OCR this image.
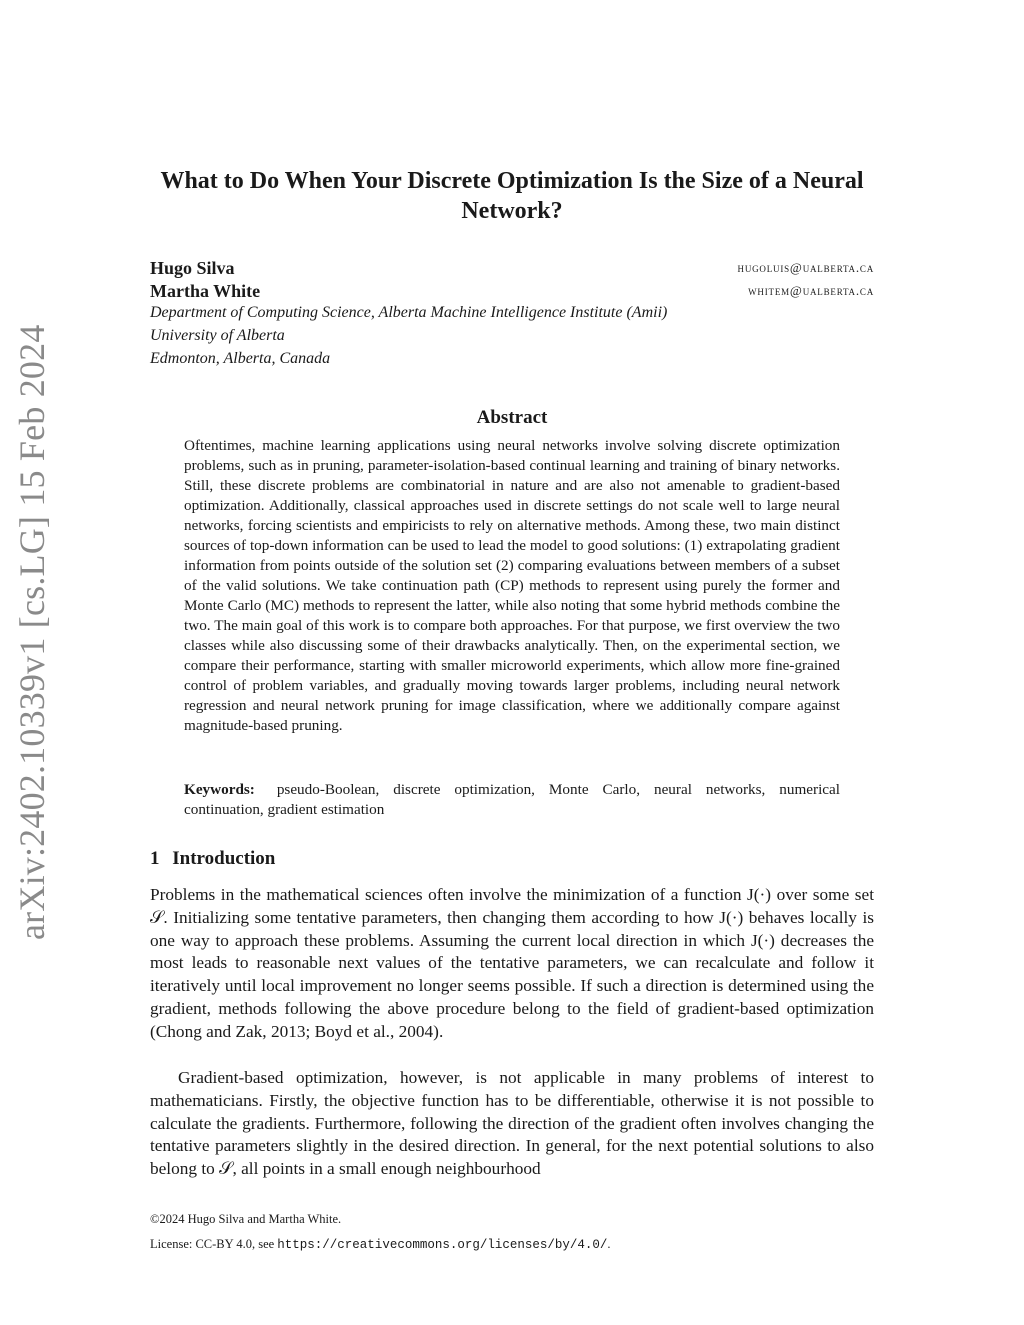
arXiv:2402.10339v1 [cs.LG] 15 Feb 2024
What to Do When Your Discrete Optimization Is the Size of a Neural Network?
Hugo Silva	hugoluis@ualberta.ca
Martha White	whitem@ualberta.ca
Department of Computing Science, Alberta Machine Intelligence Institute (Amii)
University of Alberta
Edmonton, Alberta, Canada
Abstract

Oftentimes, machine learning applications using neural networks involve solving discrete optimization problems, such as in pruning, parameter-isolation-based continual learning and training of binary networks. Still, these discrete problems are combinatorial in nature and are also not amenable to gradient-based optimization. Additionally, classical approaches used in discrete settings do not scale well to large neural networks, forcing scientists and empiricists to rely on alternative methods. Among these, two main distinct sources of top-down information can be used to lead the model to good solutions: (1) extrapolating gradient information from points outside of the solution set (2) comparing evaluations between members of a subset of the valid solutions. We take continuation path (CP) methods to represent using purely the former and Monte Carlo (MC) methods to represent the latter, while also noting that some hybrid methods combine the two. The main goal of this work is to compare both approaches. For that purpose, we first overview the two classes while also discussing some of their drawbacks analytically. Then, on the experimental section, we compare their performance, starting with smaller microworld experiments, which allow more fine-grained control of problem variables, and gradually moving towards larger problems, including neural network regression and neural network pruning for image classification, where we additionally compare against magnitude-based pruning.

Keywords: pseudo-Boolean, discrete optimization, Monte Carlo, neural networks, numerical continuation, gradient estimation

1 Introduction

Problems in the mathematical sciences often involve the minimization of a function J(·) over some set 𝒮. Initializing some tentative parameters, then changing them according to how J(·) behaves locally is one way to approach these problems. Assuming the current local direction in which J(·) decreases the most leads to reasonable next values of the tentative parameters, we can recalculate and follow it iteratively until local improvement no longer seems possible. If such a direction is determined using the gradient, methods following the above procedure belong to the field of gradient-based optimization (Chong and Zak, 2013; Boyd et al., 2004).

Gradient-based optimization, however, is not applicable in many problems of interest to mathematicians. Firstly, the objective function has to be differentiable, otherwise it is not possible to calculate the gradients. Furthermore, following the direction of the gradient often involves changing the tentative parameters slightly in the desired direction. In general, for the next potential solutions to also belong to 𝒮, all points in a small enough neighbourhood

©2024 Hugo Silva and Martha White.
License: CC-BY 4.0, see https://creativecommons.org/licenses/by/4.0/.
